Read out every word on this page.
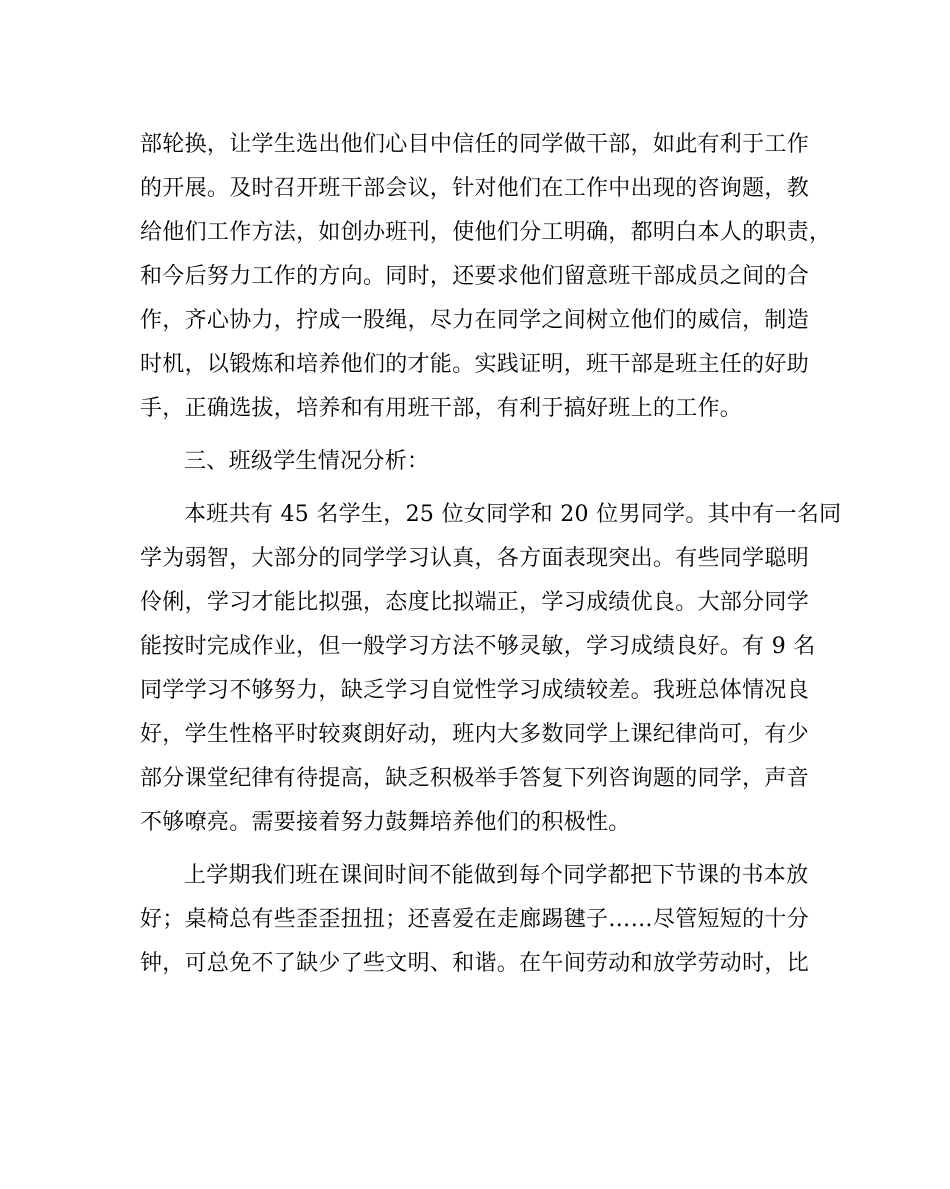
部轮换，让学生选出他们心目中信任的同学做干部，如此有利于工作
的开展。及时召开班干部会议，针对他们在工作中出现的咨询题，教
给他们工作方法，如创办班刊，使他们分工明确，都明白本人的职责，
和今后努力工作的方向。同时，还要求他们留意班干部成员之间的合
作，齐心协力，拧成一股绳，尽力在同学之间树立他们的威信，制造
时机，以锻炼和培养他们的才能。实践证明，班干部是班主任的好助
手，正确选拔，培养和有用班干部，有利于搞好班上的工作。
三、班级学生情况分析：
本班共有 45 名学生，25 位女同学和 20 位男同学。其中有一名同
学为弱智，大部分的同学学习认真，各方面表现突出。有些同学聪明
伶俐，学习才能比拟强，态度比拟端正，学习成绩优良。大部分同学
能按时完成作业，但一般学习方法不够灵敏，学习成绩良好。有 9 名
同学学习不够努力，缺乏学习自觉性学习成绩较差。我班总体情况良
好，学生性格平时较爽朗好动，班内大多数同学上课纪律尚可，有少
部分课堂纪律有待提高，缺乏积极举手答复下列咨询题的同学，声音
不够嘹亮。需要接着努力鼓舞培养他们的积极性。
上学期我们班在课间时间不能做到每个同学都把下节课的书本放
好；桌椅总有些歪歪扭扭；还喜爱在走廊踢毽子……尽管短短的十分
钟，可总免不了缺少了些文明、和谐。在午间劳动和放学劳动时，比
